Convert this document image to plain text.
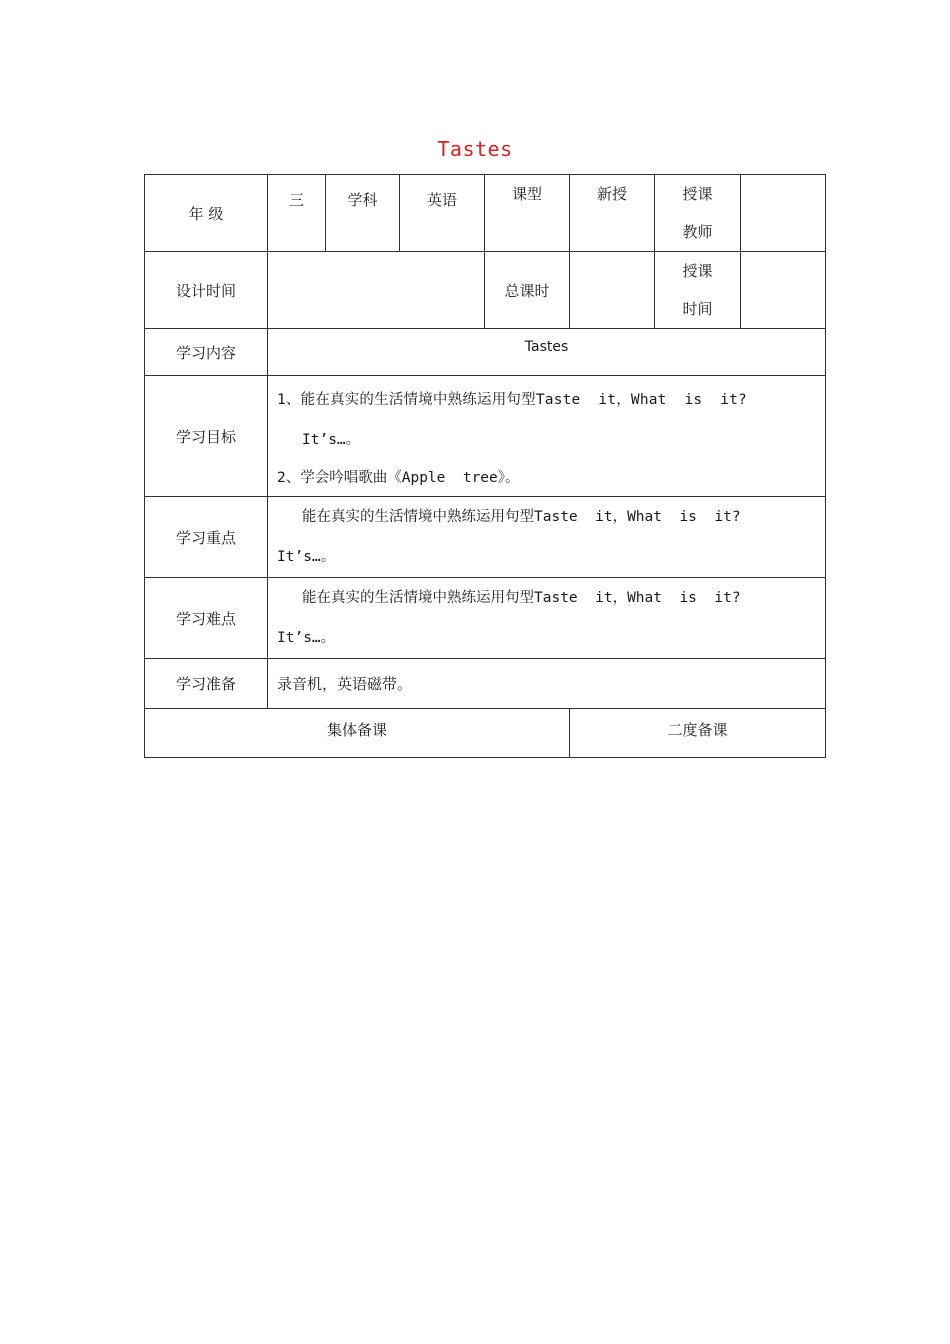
Tastes
年 级	三	学科	英语	课型	新授	授课
教师	

设计时间				总课时		授课
时间	

学习内容	Tastes						
学习目标	1、能在真实的生活情境中熟练运用句型Taste  it，What  is  it?
It’s…。
2、学会吟唱歌曲《Apple  tree》。						

学习重点	能在真实的生活情境中熟练运用句型Taste  it，What  is  it?
It’s…。						

学习难点	能在真实的生活情境中熟练运用句型Taste  it，What  is  it?
It’s…。						

学习准备	录音机，英语磁带。						
集体备课					二度备课		
